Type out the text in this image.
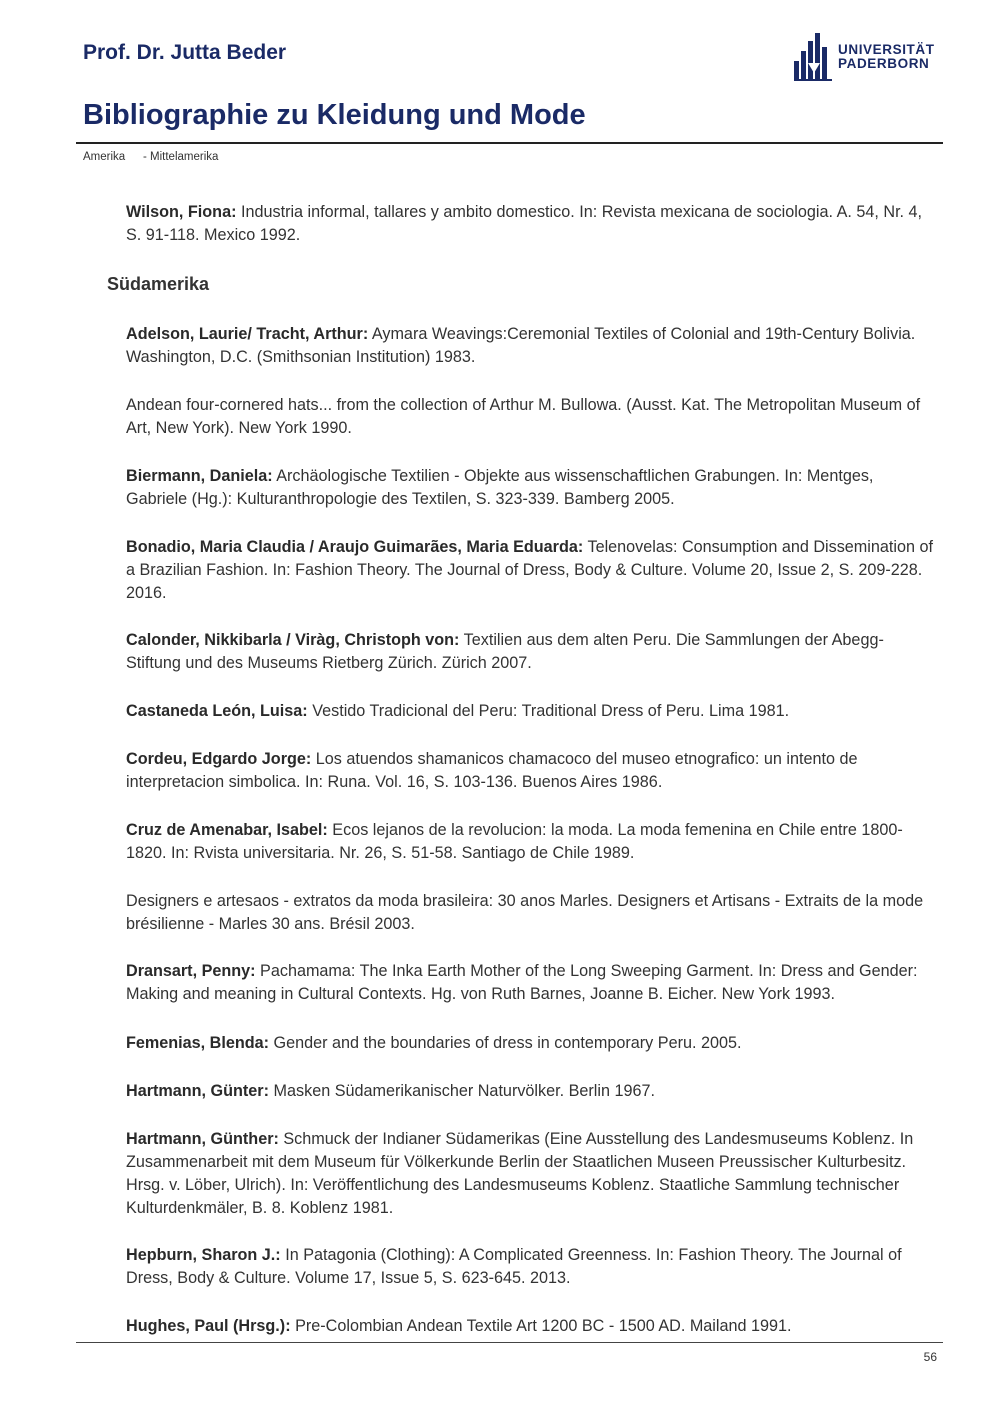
Prof. Dr. Jutta Beder	UNIVERSITÄT
PADERBORN
Bibliographie zu Kleidung und Mode
Amerika	- Mittelamerika

Wilson, Fiona: Industria informal, tallares y ambito domestico. In: Revista mexicana de sociologia. A. 54, Nr. 4, S. 91-118. Mexico 1992.

Südamerika

Adelson, Laurie/ Tracht, Arthur: Aymara Weavings:Ceremonial Textiles of Colonial and 19th-Century Bolivia. Washington, D.C. (Smithsonian Institution) 1983.

Andean four-cornered hats... from the collection of Arthur M. Bullowa. (Ausst. Kat. The Metropolitan Museum of Art, New York). New York 1990.

Biermann, Daniela: Archäologische Textilien - Objekte aus wissenschaftlichen Grabungen. In: Mentges, Gabriele (Hg.): Kulturanthropologie des Textilen, S. 323-339. Bamberg 2005.

Bonadio, Maria Claudia / Araujo Guimarães, Maria Eduarda: Telenovelas: Consumption and Dissemination of a Brazilian Fashion. In: Fashion Theory. The Journal of Dress, Body & Culture. Volume 20, Issue 2, S. 209-228. 2016.

Calonder, Nikkibarla / Viràg, Christoph von: Textilien aus dem alten Peru. Die Sammlungen der Abegg-Stiftung und des Museums Rietberg Zürich. Zürich 2007.

Castaneda León, Luisa: Vestido Tradicional del Peru: Traditional Dress of Peru. Lima 1981.

Cordeu, Edgardo Jorge: Los atuendos shamanicos chamacoco del museo etnografico: un intento de interpretacion simbolica. In: Runa. Vol. 16, S. 103-136. Buenos Aires 1986.

Cruz de Amenabar, Isabel: Ecos lejanos de la revolucion: la moda. La moda femenina en Chile entre 1800-1820. In: Rvista universitaria. Nr. 26, S. 51-58. Santiago de Chile 1989.

Designers e artesaos - extratos da moda brasileira: 30 anos Marles. Designers et Artisans - Extraits de la mode brésilienne - Marles 30 ans. Brésil 2003.

Dransart, Penny: Pachamama: The Inka Earth Mother of the Long Sweeping Garment. In: Dress and Gender: Making and meaning in Cultural Contexts. Hg. von Ruth Barnes, Joanne B. Eicher. New York 1993.

Femenias, Blenda: Gender and the boundaries of dress in contemporary Peru. 2005.

Hartmann, Günter: Masken Südamerikanischer Naturvölker. Berlin 1967.

Hartmann, Günther: Schmuck der Indianer Südamerikas (Eine Ausstellung des Landesmuseums Koblenz. In Zusammenarbeit mit dem Museum für Völkerkunde Berlin der Staatlichen Museen Preussischer Kulturbesitz. Hrsg. v. Löber, Ulrich). In: Veröffentlichung des Landesmuseums Koblenz. Staatliche Sammlung technischer Kulturdenkmäler, B. 8. Koblenz 1981.

Hepburn, Sharon J.: In Patagonia (Clothing): A Complicated Greenness. In: Fashion Theory. The Journal of Dress, Body & Culture. Volume 17, Issue 5, S. 623-645. 2013.

Hughes, Paul (Hrsg.): Pre-Colombian Andean Textile Art 1200 BC - 1500 AD. Mailand 1991.

56
